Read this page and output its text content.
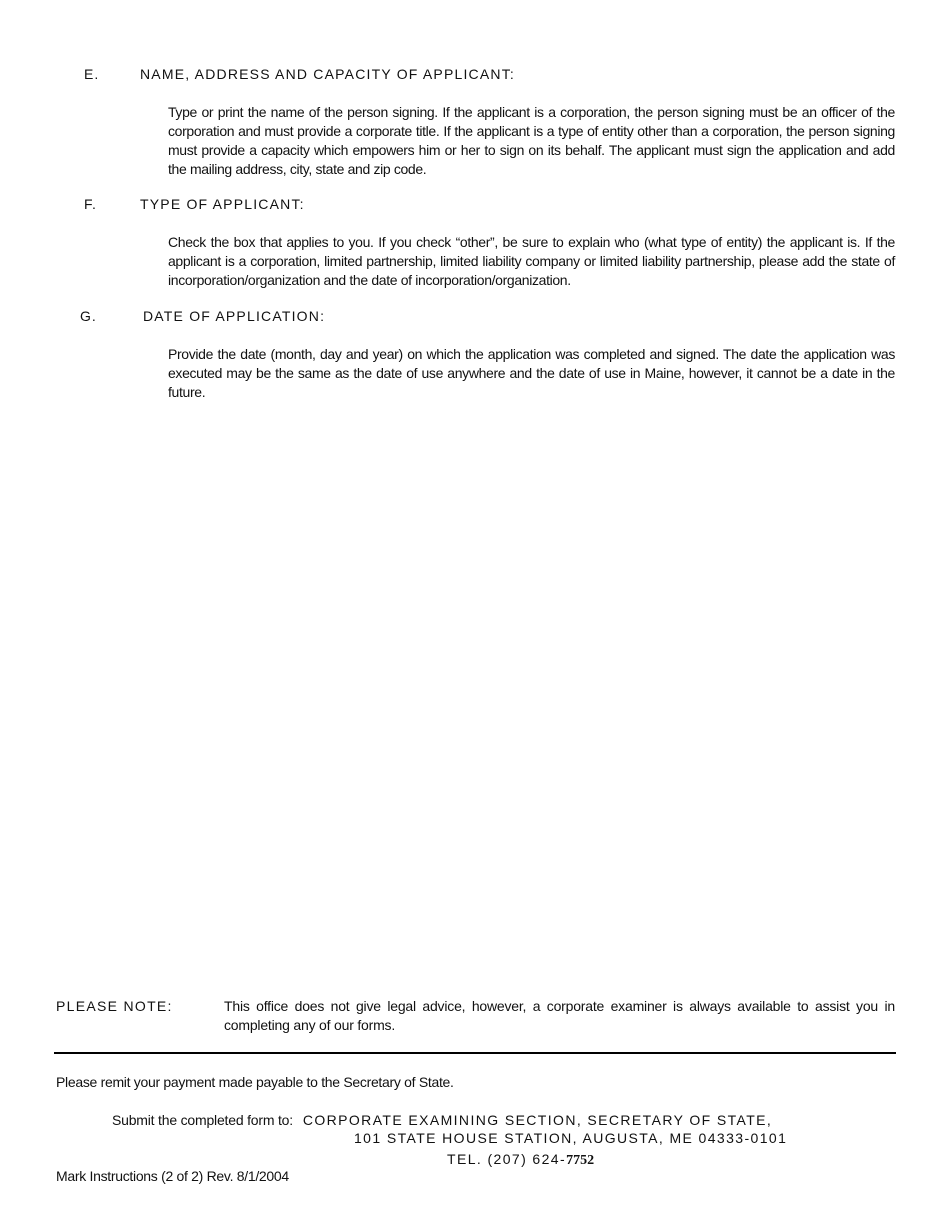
E.	NAME, ADDRESS AND CAPACITY OF APPLICANT:
Type or print the name of the person signing. If the applicant is a corporation, the person signing must be an officer of the corporation and must provide a corporate title. If the applicant is a type of entity other than a corporation, the person signing must provide a capacity which empowers him or her to sign on its behalf. The applicant must sign the application and add the mailing address, city, state and zip code.
F.	TYPE OF APPLICANT:
Check the box that applies to you. If you check “other”, be sure to explain who (what type of entity) the applicant is. If the applicant is a corporation, limited partnership, limited liability company or limited liability partnership, please add the state of incorporation/organization and the date of incorporation/organization.
G.	DATE OF APPLICATION:
Provide the date (month, day and year) on which the application was completed and signed. The date the application was executed may be the same as the date of use anywhere and the date of use in Maine, however, it cannot be a date in the future.
PLEASE NOTE:	This office does not give legal advice, however, a corporate examiner is always available to assist you in completing any of our forms.
Please remit your payment made payable to the Secretary of State.
Submit the completed form to: CORPORATE EXAMINING SECTION, SECRETARY OF STATE,
101 STATE HOUSE STATION, AUGUSTA, ME 04333-0101
TEL. (207) 624-7752
Mark Instructions (2 of 2) Rev. 8/1/2004
